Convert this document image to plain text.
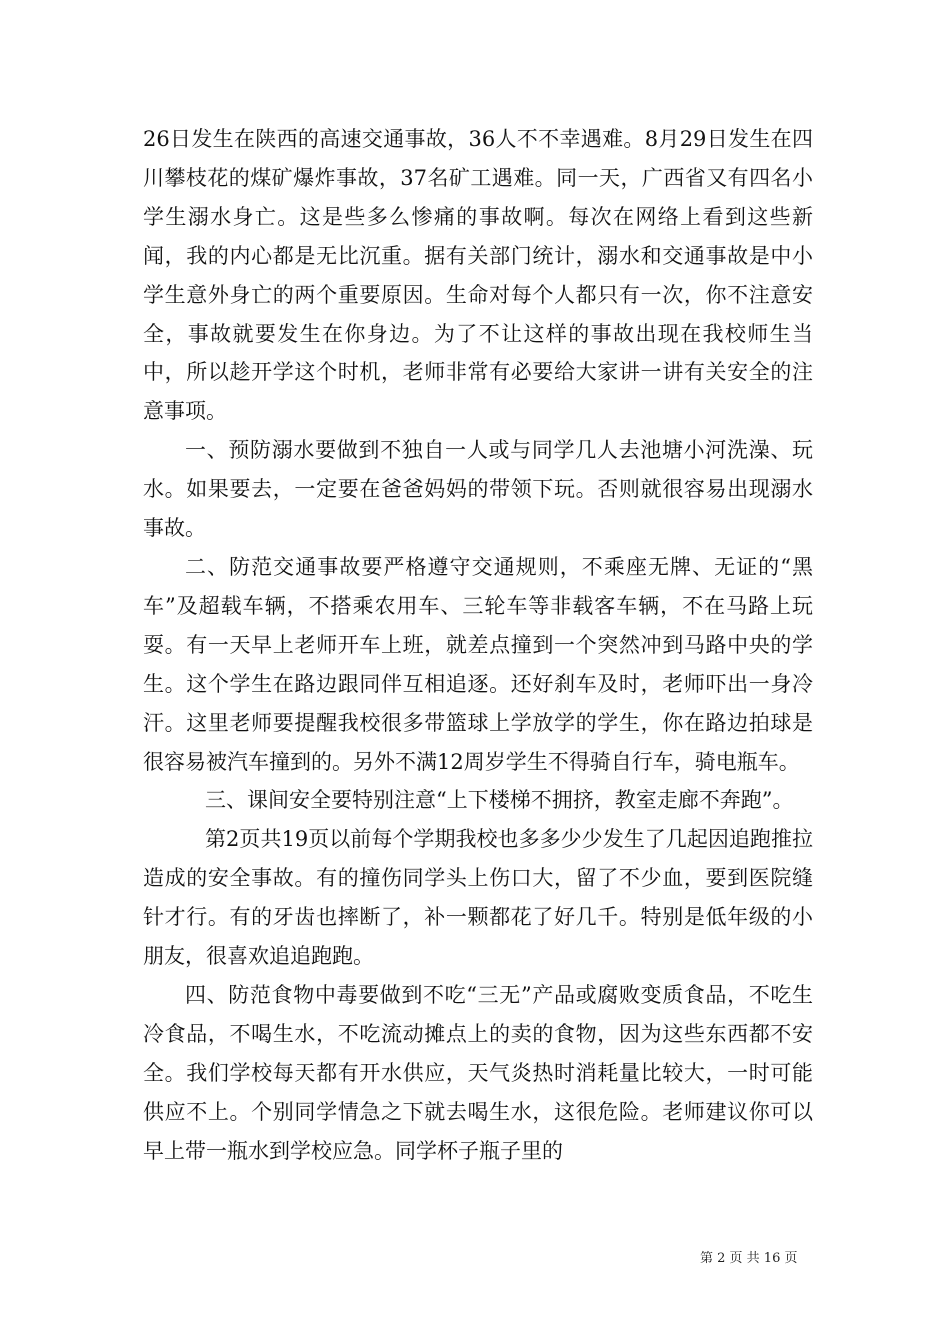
26日发生在陕西的高速交通事故，36人不不幸遇难。8月29日发生在四川攀枝花的煤矿爆炸事故，37名矿工遇难。同一天，广西省又有四名小学生溺水身亡。这是些多么惨痛的事故啊。每次在网络上看到这些新闻，我的内心都是无比沉重。据有关部门统计，溺水和交通事故是中小学生意外身亡的两个重要原因。生命对每个人都只有一次，你不注意安全，事故就要发生在你身边。为了不让这样的事故出现在我校师生当中，所以趁开学这个时机，老师非常有必要给大家讲一讲有关安全的注意事项。

一、预防溺水要做到不独自一人或与同学几人去池塘小河洗澡、玩水。如果要去，一定要在爸爸妈妈的带领下玩。否则就很容易出现溺水事故。

二、防范交通事故要严格遵守交通规则，不乘座无牌、无证的“黑车”及超载车辆，不搭乘农用车、三轮车等非载客车辆，不在马路上玩耍。有一天早上老师开车上班，就差点撞到一个突然冲到马路中央的学生。这个学生在路边跟同伴互相追逐。还好刹车及时，老师吓出一身冷汗。这里老师要提醒我校很多带篮球上学放学的学生，你在路边拍球是很容易被汽车撞到的。另外不满12周岁学生不得骑自行车，骑电瓶车。

三、课间安全要特别注意“上下楼梯不拥挤，教室走廊不奔跑”。

第2页共19页以前每个学期我校也多多少少发生了几起因追跑推拉造成的安全事故。有的撞伤同学头上伤口大，留了不少血，要到医院缝针才行。有的牙齿也摔断了，补一颗都花了好几千。特别是低年级的小朋友，很喜欢追追跑跑。

四、防范食物中毒要做到不吃“三无”产品或腐败变质食品，不吃生冷食品，不喝生水，不吃流动摊点上的卖的食物，因为这些东西都不安全。我们学校每天都有开水供应，天气炎热时消耗量比较大，一时可能供应不上。个别同学情急之下就去喝生水，这很危险。老师建议你可以早上带一瓶水到学校应急。同学杯子瓶子里的

第 2 页 共 16 页
